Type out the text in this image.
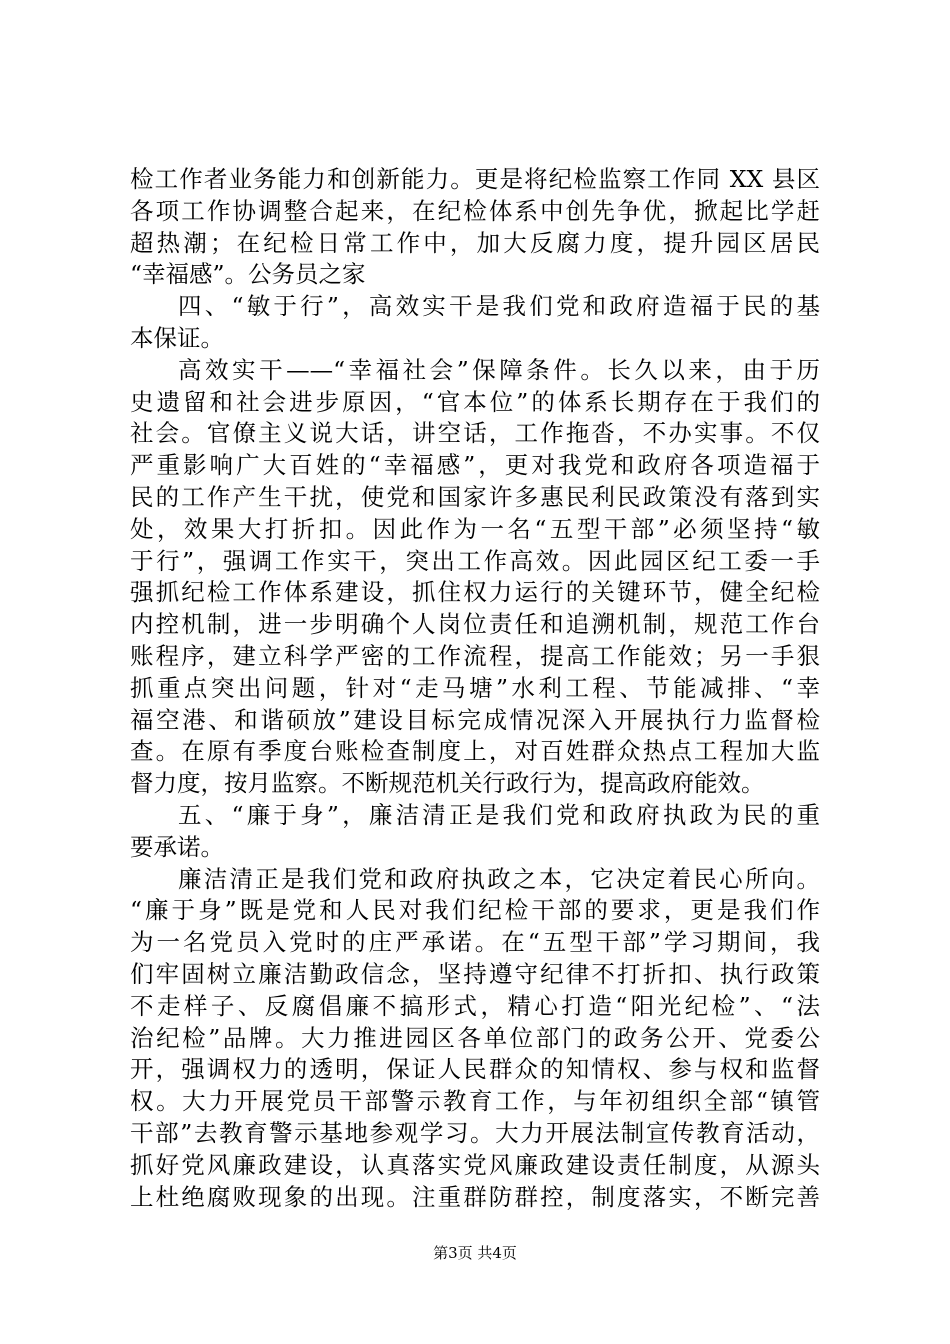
检工作者业务能力和创新能力。更是将纪检监察工作同 XX 县区
各项工作协调整合起来，在纪检体系中创先争优，掀起比学赶
超热潮；在纪检日常工作中，加大反腐力度，提升园区居民
“幸福感”。公务员之家
四、“敏于行”，高效实干是我们党和政府造福于民的基
本保证。
高效实干——“幸福社会”保障条件。长久以来，由于历
史遗留和社会进步原因，“官本位”的体系长期存在于我们的
社会。官僚主义说大话，讲空话，工作拖沓，不办实事。不仅
严重影响广大百姓的“幸福感”，更对我党和政府各项造福于
民的工作产生干扰，使党和国家许多惠民利民政策没有落到实
处，效果大打折扣。因此作为一名“五型干部”必须坚持“敏
于行”，强调工作实干，突出工作高效。因此园区纪工委一手
强抓纪检工作体系建设，抓住权力运行的关键环节，健全纪检
内控机制，进一步明确个人岗位责任和追溯机制，规范工作台
账程序，建立科学严密的工作流程，提高工作能效；另一手狠
抓重点突出问题，针对“走马塘”水利工程、节能减排、“幸
福空港、和谐硕放”建设目标完成情况深入开展执行力监督检
查。在原有季度台账检查制度上，对百姓群众热点工程加大监
督力度，按月监察。不断规范机关行政行为，提高政府能效。
五、“廉于身”，廉洁清正是我们党和政府执政为民的重
要承诺。
廉洁清正是我们党和政府执政之本，它决定着民心所向。
“廉于身”既是党和人民对我们纪检干部的要求，更是我们作
为一名党员入党时的庄严承诺。在“五型干部”学习期间，我
们牢固树立廉洁勤政信念，坚持遵守纪律不打折扣、执行政策
不走样子、反腐倡廉不搞形式，精心打造“阳光纪检”、“法
治纪检”品牌。大力推进园区各单位部门的政务公开、党委公
开，强调权力的透明，保证人民群众的知情权、参与权和监督
权。大力开展党员干部警示教育工作，与年初组织全部“镇管
干部”去教育警示基地参观学习。大力开展法制宣传教育活动，
抓好党风廉政建设，认真落实党风廉政建设责任制度，从源头
上杜绝腐败现象的出现。注重群防群控，制度落实，不断完善
第3页 共4页
